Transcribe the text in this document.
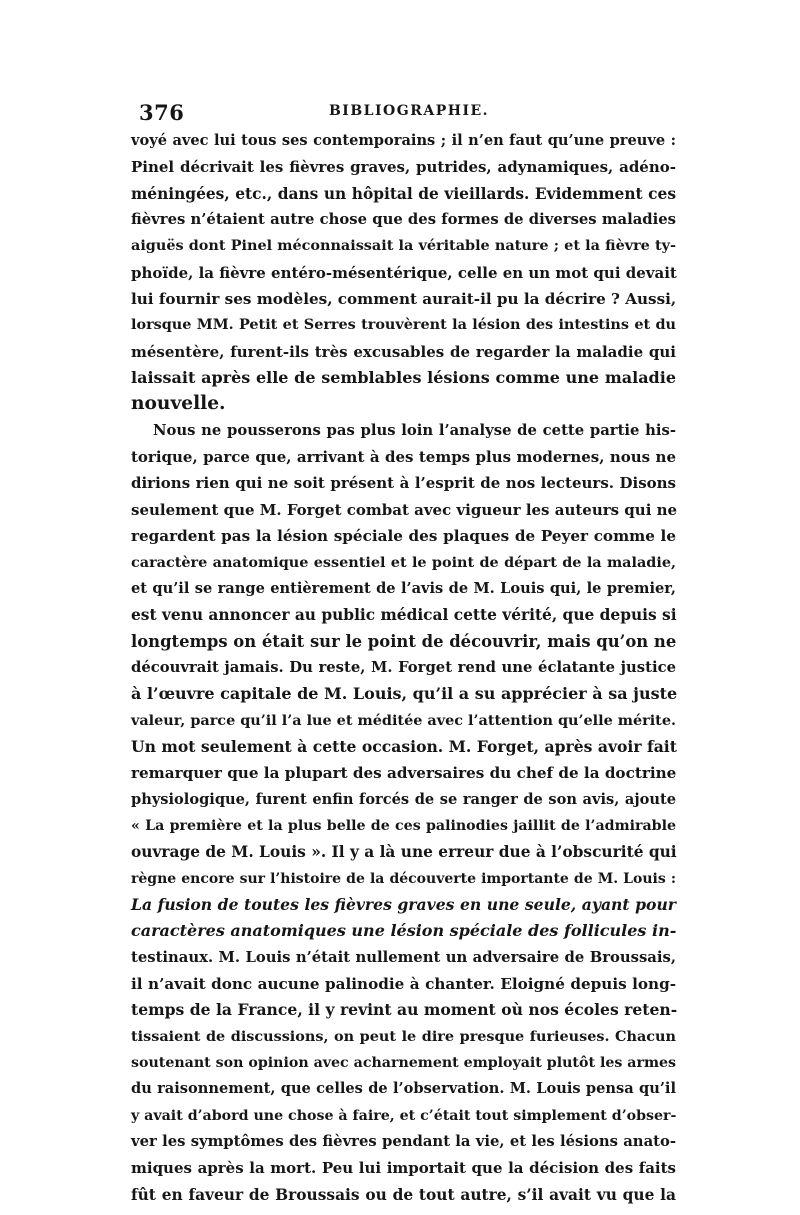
376	BIBLIOGRAPHIE.
voyé avec lui tous ses contemporains ; il n’en faut qu’une preuve :
Pinel décrivait les fièvres graves, putrides, adynamiques, adéno-
méningées, etc., dans un hôpital de vieillards. Evidemment ces
fièvres n’étaient autre chose que des formes de diverses maladies
aiguës dont Pinel méconnaissait la véritable nature ; et la fièvre ty-
phoïde, la fièvre entéro-mésentérique, celle en un mot qui devait
lui fournir ses modèles, comment aurait-il pu la décrire ? Aussi,
lorsque MM. Petit et Serres trouvèrent la lésion des intestins et du
mésentère, furent-ils très excusables de regarder la maladie qui
laissait après elle de semblables lésions comme une maladie
nouvelle.
Nous ne pousserons pas plus loin l’analyse de cette partie his-
torique, parce que, arrivant à des temps plus modernes, nous ne
dirions rien qui ne soit présent à l’esprit de nos lecteurs. Disons
seulement que M. Forget combat avec vigueur les auteurs qui ne
regardent pas la lésion spéciale des plaques de Peyer comme le
caractère anatomique essentiel et le point de départ de la maladie,
et qu’il se range entièrement de l’avis de M. Louis qui, le premier,
est venu annoncer au public médical cette vérité, que depuis si
longtemps on était sur le point de découvrir, mais qu’on ne
découvrait jamais. Du reste, M. Forget rend une éclatante justice
à l’œuvre capitale de M. Louis, qu’il a su apprécier à sa juste
valeur, parce qu’il l’a lue et méditée avec l’attention qu’elle mérite.
Un mot seulement à cette occasion. M. Forget, après avoir fait
remarquer que la plupart des adversaires du chef de la doctrine
physiologique, furent enfin forcés de se ranger de son avis, ajoute
« La première et la plus belle de ces palinodies jaillit de l’admirable
ouvrage de M. Louis ». Il y a là une erreur due à l’obscurité qui
règne encore sur l’histoire de la découverte importante de M. Louis :
La fusion de toutes les fièvres graves en une seule, ayant pour
caractères anatomiques une lésion spéciale des follicules in-
testinaux. M. Louis n’était nullement un adversaire de Broussais,
il n’avait donc aucune palinodie à chanter. Eloigné depuis long-
temps de la France, il y revint au moment où nos écoles reten-
tissaient de discussions, on peut le dire presque furieuses. Chacun
soutenant son opinion avec acharnement employait plutôt les armes
du raisonnement, que celles de l’observation. M. Louis pensa qu’il
y avait d’abord une chose à faire, et c’était tout simplement d’obser-
ver les symptômes des fièvres pendant la vie, et les lésions anato-
miques après la mort. Peu lui importait que la décision des faits
fût en faveur de Broussais ou de tout autre, s’il avait vu que la
